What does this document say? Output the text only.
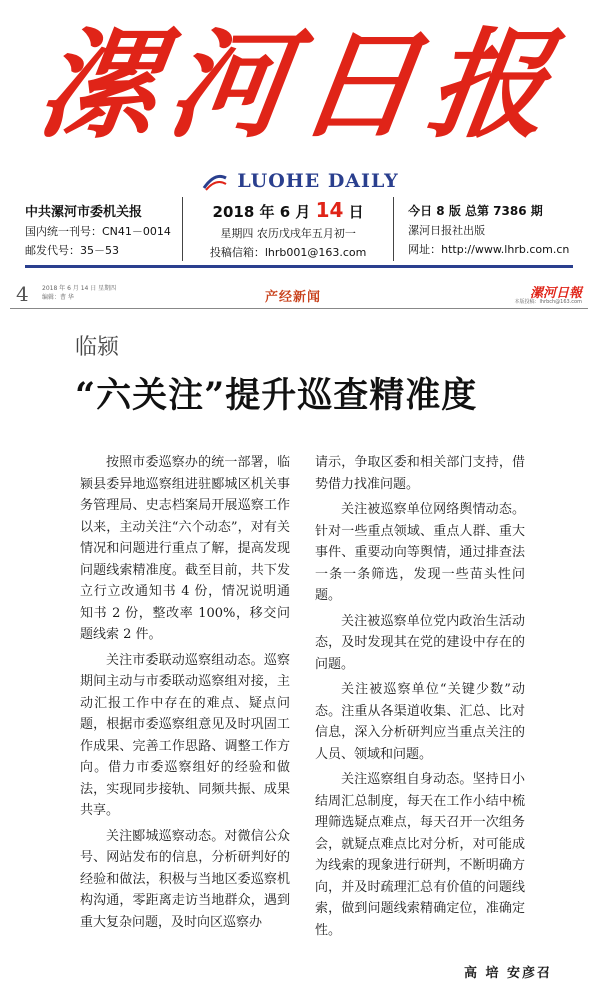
漯河日报
LUOHE DAILY
中共漯河市委机关报
国内统一刊号：CN41－0014
邮发代号：35－53
2018 年 6 月 14 日
星期四 农历戊戌年五月初一
投稿信箱：lhrb001@163.com
今日 8 版 总第 7386 期
漯河日报社出版
网址：http://www.lhrb.com.cn
4 2018 年 6 月 14 日 星期四
编辑：曹 华	产经新闻	漯河日報
本版投稿：lhrbch@163.com
临颍
“六关注”提升巡查精准度

按照市委巡察办的统一部署，临颍县委异地巡察组进驻郾城区机关事务管理局、史志档案局开展巡察工作以来，主动关注“六个动态”，对有关情况和问题进行重点了解，提高发现问题线索精准度。截至目前，共下发立行立改通知书 4 份，情况说明通知书 2 份，整改率 100%，移交问题线索 2 件。

关注市委联动巡察组动态。巡察期间主动与市委联动巡察组对接，主动汇报工作中存在的难点、疑点问题，根据市委巡察组意见及时巩固工作成果、完善工作思路、调整工作方向。借力市委巡察组好的经验和做法，实现同步接轨、同频共振、成果共享。

关注郾城巡察动态。对微信公众号、网站发布的信息，分析研判好的经验和做法，积极与当地区委巡察机构沟通，零距离走访当地群众，遇到重大复杂问题，及时向区巡察办

请示，争取区委和相关部门支持，借势借力找准问题。

关注被巡察单位网络舆情动态。针对一些重点领域、重点人群、重大事件、重要动向等舆情，通过排查法一条一条筛选，发现一些苗头性问题。

关注被巡察单位党内政治生活动态，及时发现其在党的建设中存在的问题。

关注被巡察单位“关键少数”动态。注重从各渠道收集、汇总、比对信息，深入分析研判应当重点关注的人员、领域和问题。

关注巡察组自身动态。坚持日小结周汇总制度，每天在工作小结中梳理筛选疑点难点，每天召开一次组务会，就疑点难点比对分析，对可能成为线索的现象进行研判，不断明确方向，并及时疏理汇总有价值的问题线索，做到问题线索精确定位，准确定性。

高 培 安彦召
